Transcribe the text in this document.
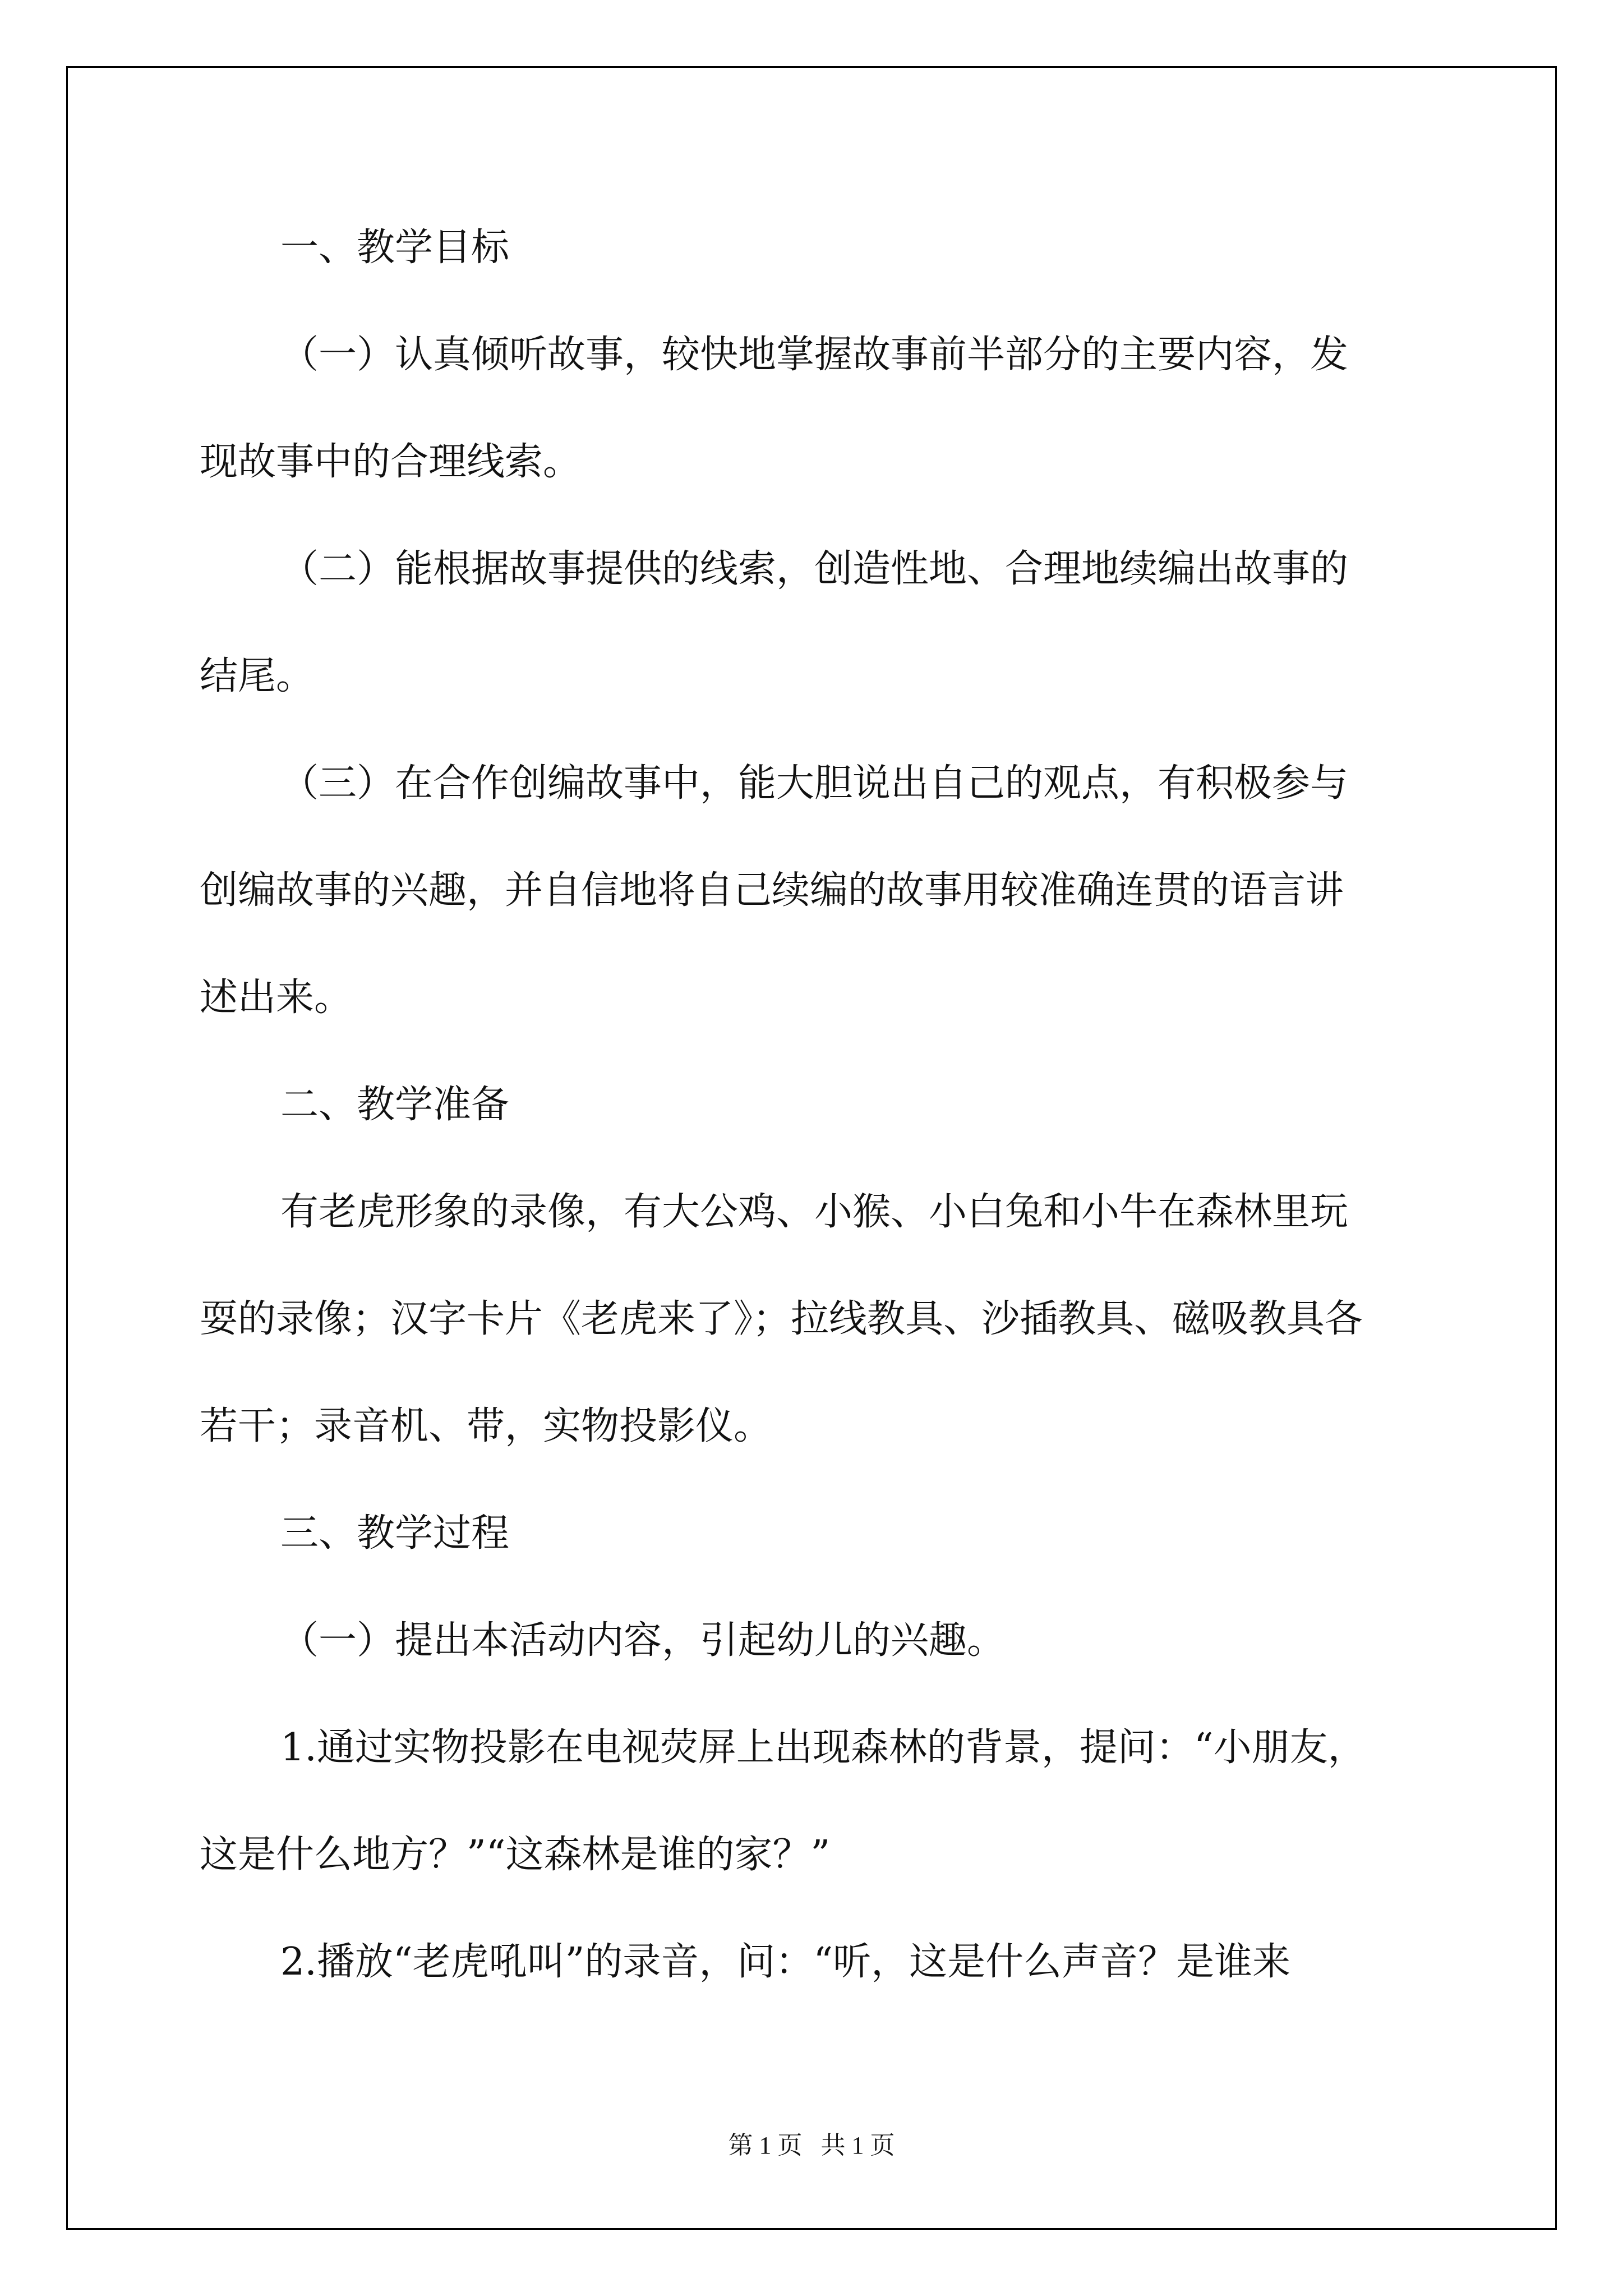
一、教学目标

（一）认真倾听故事，较快地掌握故事前半部分的主要内容，发

现故事中的合理线索。

（二）能根据故事提供的线索，创造性地、合理地续编出故事的

结尾。

（三）在合作创编故事中，能大胆说出自己的观点，有积极参与

创编故事的兴趣，并自信地将自己续编的故事用较准确连贯的语言讲

述出来。

二、教学准备

有老虎形象的录像，有大公鸡、小猴、小白兔和小牛在森林里玩

耍的录像；汉字卡片《老虎来了》；拉线教具、沙插教具、磁吸教具各

若干；录音机、带，实物投影仪。

三、教学过程

（一）提出本活动内容，引起幼儿的兴趣。

1.通过实物投影在电视荧屏上出现森林的背景，提问：“小朋友，

这是什么地方？”“这森林是谁的家？”

2.播放“老虎吼叫”的录音，问：“听，这是什么声音？是谁来

第 1 页   共 1 页
